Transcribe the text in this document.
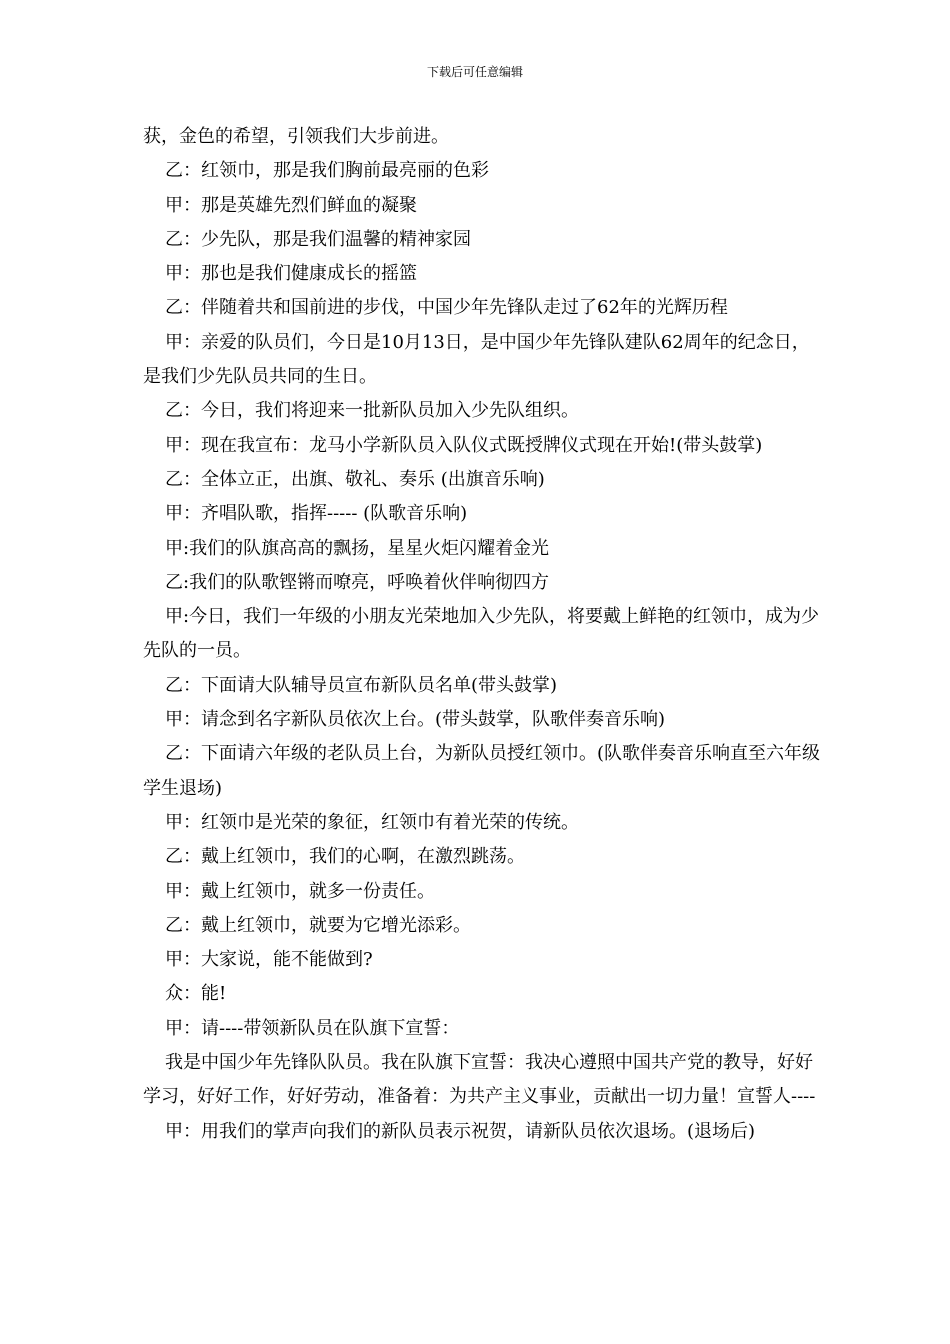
下载后可任意编辑

获，金色的希望，引领我们大步前进。

乙：红领巾，那是我们胸前最亮丽的色彩

甲：那是英雄先烈们鲜血的凝聚

乙：少先队，那是我们温馨的精神家园

甲：那也是我们健康成长的摇篮

乙：伴随着共和国前进的步伐，中国少年先锋队走过了62年的光辉历程

甲：亲爱的队员们，今日是10月13日，是中国少年先锋队建队62周年的纪念日，是我们少先队员共同的生日。

乙：今日，我们将迎来一批新队员加入少先队组织。

甲：现在我宣布：龙马小学新队员入队仪式既授牌仪式现在开始!(带头鼓掌)

乙：全体立正，出旗、敬礼、奏乐 (出旗音乐响)

甲：齐唱队歌，指挥----- (队歌音乐响)

甲:我们的队旗高高的飘扬，星星火炬闪耀着金光

乙:我们的队歌铿锵而嘹亮，呼唤着伙伴响彻四方

甲:今日，我们一年级的小朋友光荣地加入少先队，将要戴上鲜艳的红领巾，成为少先队的一员。

乙：下面请大队辅导员宣布新队员名单(带头鼓掌)

甲：请念到名字新队员依次上台。(带头鼓掌，队歌伴奏音乐响)

乙：下面请六年级的老队员上台，为新队员授红领巾。(队歌伴奏音乐响直至六年级学生退场)

甲：红领巾是光荣的象征，红领巾有着光荣的传统。

乙：戴上红领巾，我们的心啊，在激烈跳荡。

甲：戴上红领巾，就多一份责任。

乙：戴上红领巾，就要为它增光添彩。

甲：大家说，能不能做到?

众：能!

甲：请----带领新队员在队旗下宣誓：

我是中国少年先锋队队员。我在队旗下宣誓：我决心遵照中国共产党的教导，好好学习，好好工作，好好劳动，准备着：为共产主义事业，贡献出一切力量！宣誓人----

甲：用我们的掌声向我们的新队员表示祝贺，请新队员依次退场。(退场后)
